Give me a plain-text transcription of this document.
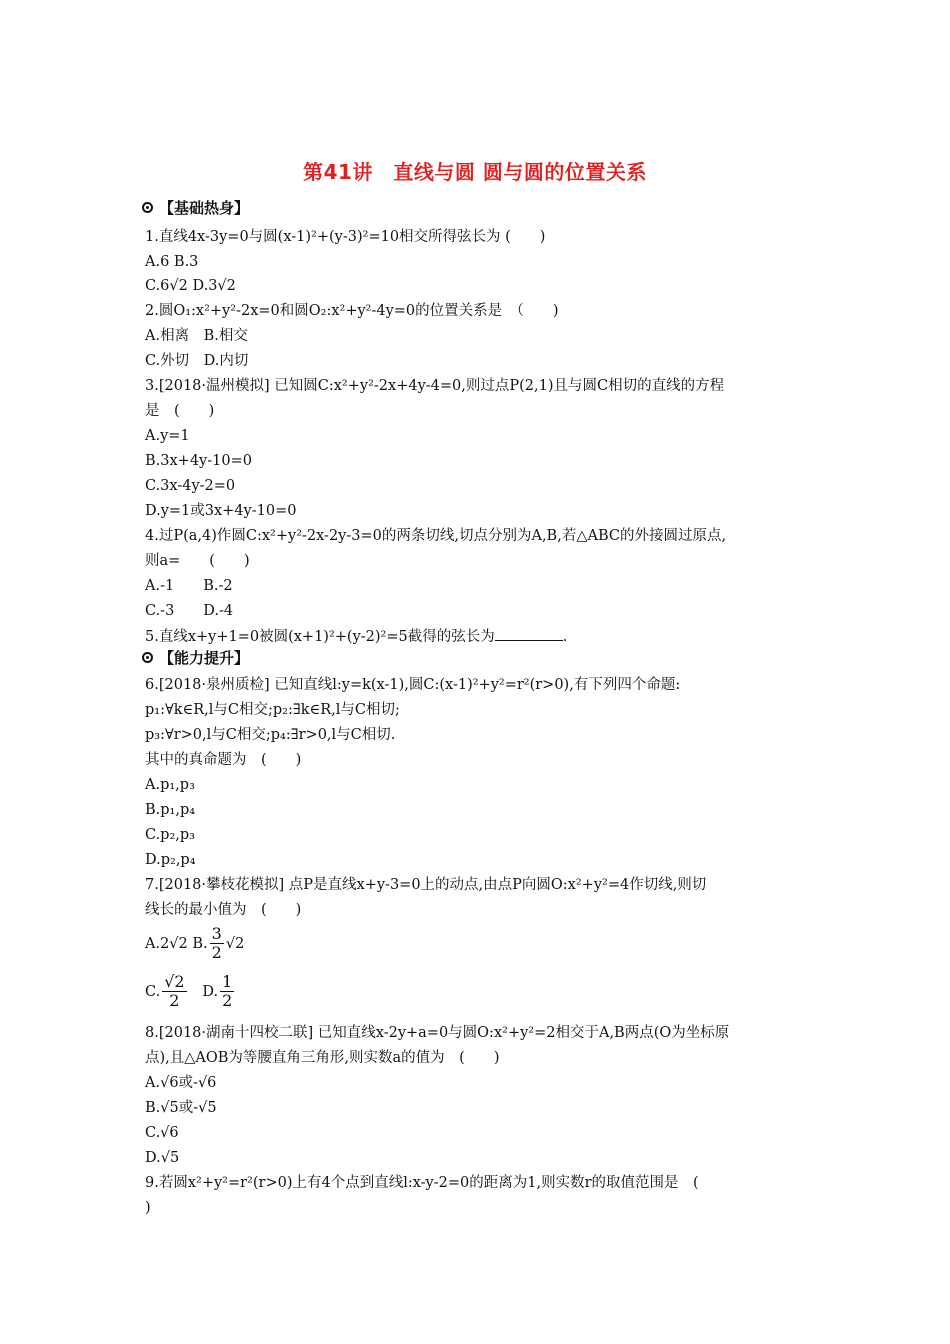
第41讲　直线与圆 圆与圆的位置关系
【基础热身】
1.直线4x-3y=0与圆(x-1)²+(y-3)²=10相交所得弦长为 (　　)
A.6 B.3
C.6√2 D.3√2
2.圆O₁:x²+y²-2x=0和圆O₂:x²+y²-4y=0的位置关系是　（　　)
A.相离　B.相交
C.外切　D.内切
3.[2018·温州模拟] 已知圆C:x²+y²-2x+4y-4=0,则过点P(2,1)且与圆C相切的直线的方程
是　(　　)
A.y=1
B.3x+4y-10=0
C.3x-4y-2=0
D.y=1或3x+4y-10=0
4.过P(a,4)作圆C:x²+y²-2x-2y-3=0的两条切线,切点分别为A,B,若△ABC的外接圆过原点,
则a=　　(　　)
A.-1　　B.-2
C.-3　　D.-4
5.直线x+y+1=0被圆(x+1)²+(y-2)²=5截得的弦长为	.
【能力提升】
6.[2018·泉州质检] 已知直线l:y=k(x-1),圆C:(x-1)²+y²=r²(r>0),有下列四个命题:
p₁:∀k∈R,l与C相交;p₂:∃k∈R,l与C相切;
p₃:∀r>0,l与C相交;p₄:∃r>0,l与C相切.
其中的真命题为　(　　)
A.p₁,p₃
B.p₁,p₄
C.p₂,p₃
D.p₂,p₄
7.[2018·攀枝花模拟] 点P是直线x+y-3=0上的动点,由点P向圆O:x²+y²=4作切线,则切
线长的最小值为　(　　)
A.2√2 B. $\frac{3}{2} √2$
C. $\frac{√2}{2} D$. $\frac{1}{2}$
8.[2018·湖南十四校二联] 已知直线x-2y+a=0与圆O:x²+y²=2相交于A,B两点(O为坐标原
点),且△AOB为等腰直角三角形,则实数a的值为　(　　)
A.√6或-√6
B.√5或-√5
C.√6
D.√5
9.若圆x²+y²=r²(r>0)上有4个点到直线l:x-y-2=0的距离为1,则实数r的取值范围是　(
)
